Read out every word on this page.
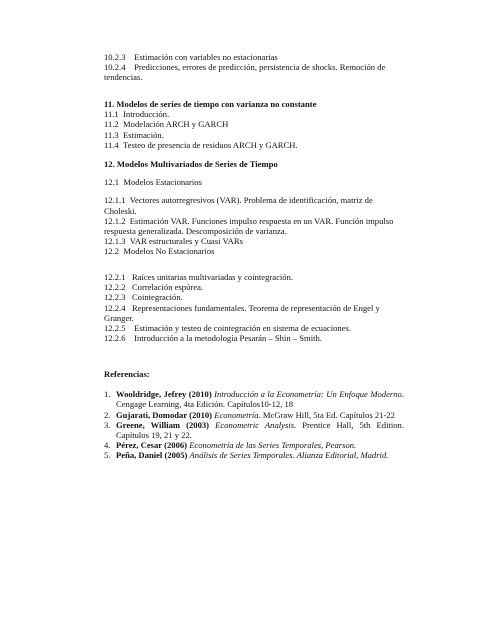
10.2.3 Estimación con variables no estacionarias
10.2.4 Predicciones, errores de predicción, persistencia de shocks. Remoción de tendencias.
11. Modelos de series de tiempo con varianza no constante
11.1 Introducción.
11.2 Modelación ARCH y GARCH
11.3 Estimación.
11.4 Testeo de presencia de residuos ARCH y GARCH.
12. Modelos Multivariados de Series de Tiempo
12.1 Modelos Estacionarios
12.1.1 Vectores autorregresivos (VAR). Problema de identificación, matriz de Choleski.
12.1.2 Estimación VAR. Funciones impulso respuesta en un VAR. Función impulso respuesta generalizada. Descomposición de varianza.
12.1.3 VAR estructurales y Cuasi VARs
12.2 Modelos No Estacionarios
12.2.1 Raíces unitarias multivariadas y cointegración.
12.2.2 Correlación espúrea.
12.2.3 Cointegración.
12.2.4 Representaciones fundamentales. Teorema de representación de Engel y Granger.
12.2.5 Estimación y testeo de cointegración en sistema de ecuaciones.
12.2.6 Introducción a la metodología Pesarán – Shin – Smith.
Referencias:
1. Wooldridge, Jefrey (2010) Introducción a la Econometría: Un Enfoque Moderno. Cengage Learning, 4ta Edición. Capítulos10-12, 18
2. Gujarati, Domodar (2010) Econometría. McGraw Hill, 5ta Ed. Capítulos 21-22
3. Greene, William (2003) Econometric Analysis. Prentice Hall, 5th Edition. Capítulos 19, 21 y 22.
4. Pérez, Cesar (2006) Econometría de las Series Temporales, Pearson.
5. Peña, Daniel (2005) Análisis de Series Temporales. Alianza Editorial, Madrid.
